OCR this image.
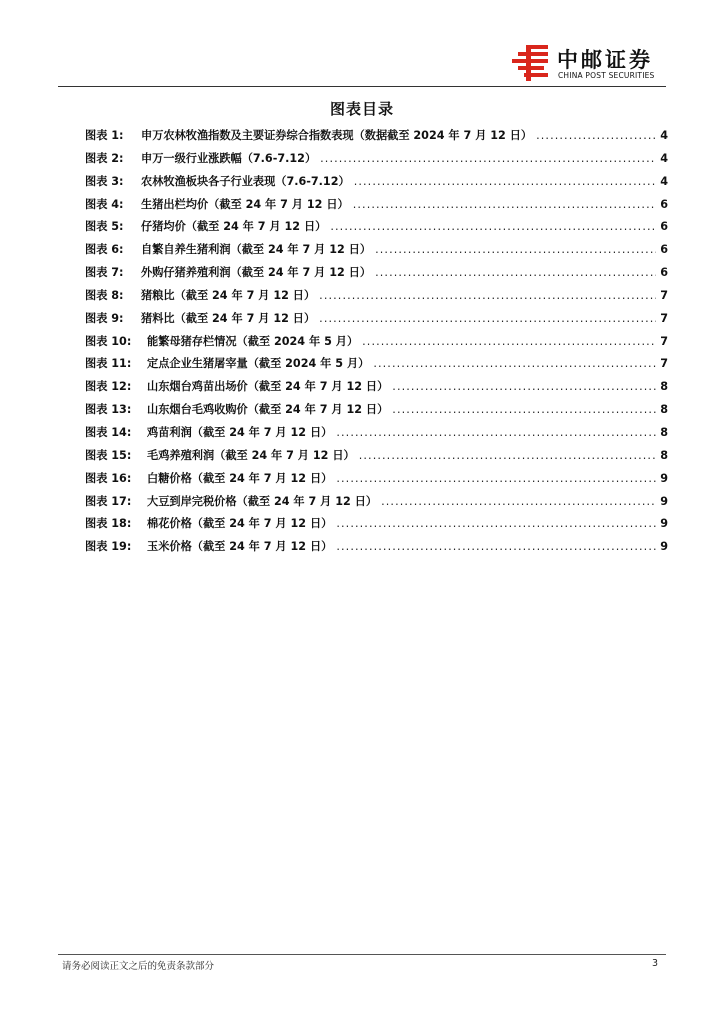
中邮证券
CHINA POST SECURITIES
图表目录
图表 1:	申万农林牧渔指数及主要证券综合指数表现（数据截至 2024 年 7 月 12 日） .....	4
图表 2:	申万一级行业涨跌幅（7.6-7.12） .....	4
图表 3:	农林牧渔板块各子行业表现（7.6-7.12） .....	4
图表 4:	生猪出栏均价（截至 24 年 7 月 12 日） .....	6
图表 5:	仔猪均价（截至 24 年 7 月 12 日） .....	6
图表 6:	自繁自养生猪利润（截至 24 年 7 月 12 日） .....	6
图表 7:	外购仔猪养殖利润（截至 24 年 7 月 12 日） .....	6
图表 8:	猪粮比（截至 24 年 7 月 12 日） .....	7
图表 9:	猪料比（截至 24 年 7 月 12 日） .....	7
图表 10:	能繁母猪存栏情况（截至 2024 年 5 月） .....	7
图表 11:	定点企业生猪屠宰量（截至 2024 年 5 月） .....	7
图表 12:	山东烟台鸡苗出场价（截至 24 年 7 月 12 日） .....	8
图表 13:	山东烟台毛鸡收购价（截至 24 年 7 月 12 日） .....	8
图表 14:	鸡苗利润（截至 24 年 7 月 12 日） .....	8
图表 15:	毛鸡养殖利润（截至 24 年 7 月 12 日） .....	8
图表 16:	白糖价格（截至 24 年 7 月 12 日） .....	9
图表 17:	大豆到岸完税价格（截至 24 年 7 月 12 日） .....	9
图表 18:	棉花价格（截至 24 年 7 月 12 日） .....	9
图表 19:	玉米价格（截至 24 年 7 月 12 日） .....	9
请务必阅读正文之后的免责条款部分	3
